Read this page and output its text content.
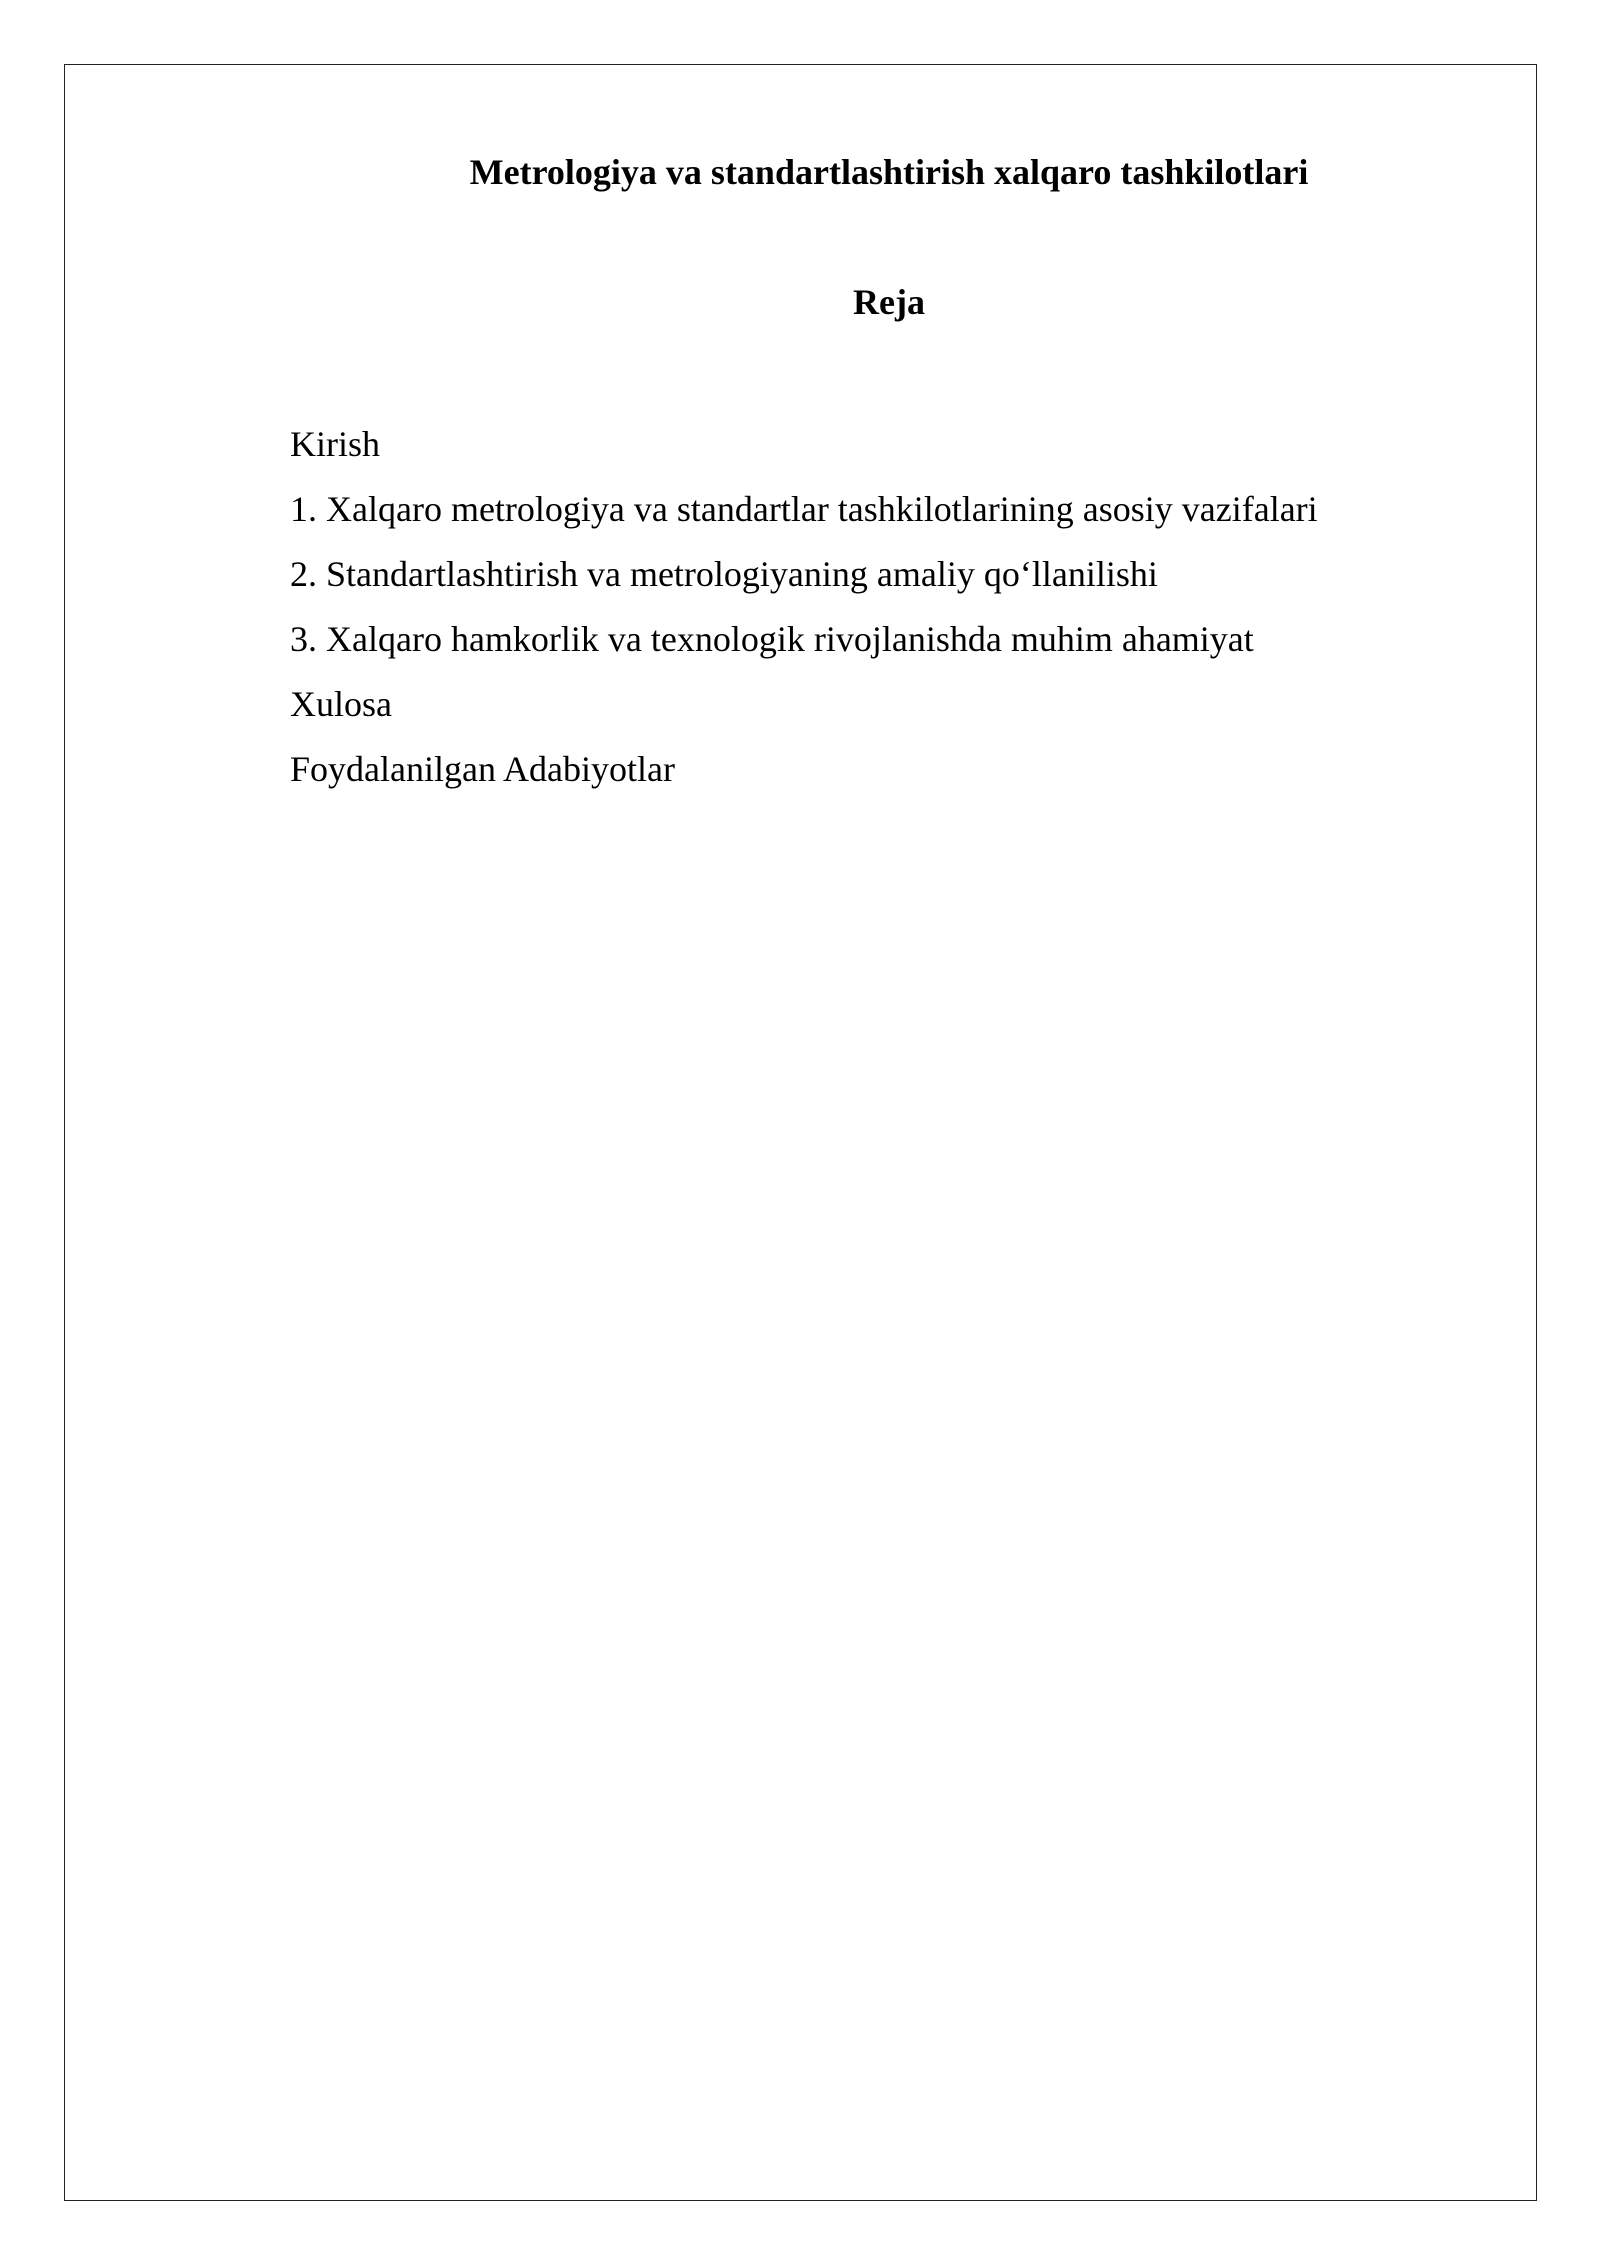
Metrologiya va standartlashtirish xalqaro tashkilotlari
Reja
Kirish
1. Xalqaro metrologiya va standartlar tashkilotlarining asosiy vazifalari
2. Standartlashtirish va metrologiyaning amaliy qo‘llanilishi
3. Xalqaro hamkorlik va texnologik rivojlanishda muhim ahamiyat
Xulosa
Foydalanilgan Adabiyotlar
